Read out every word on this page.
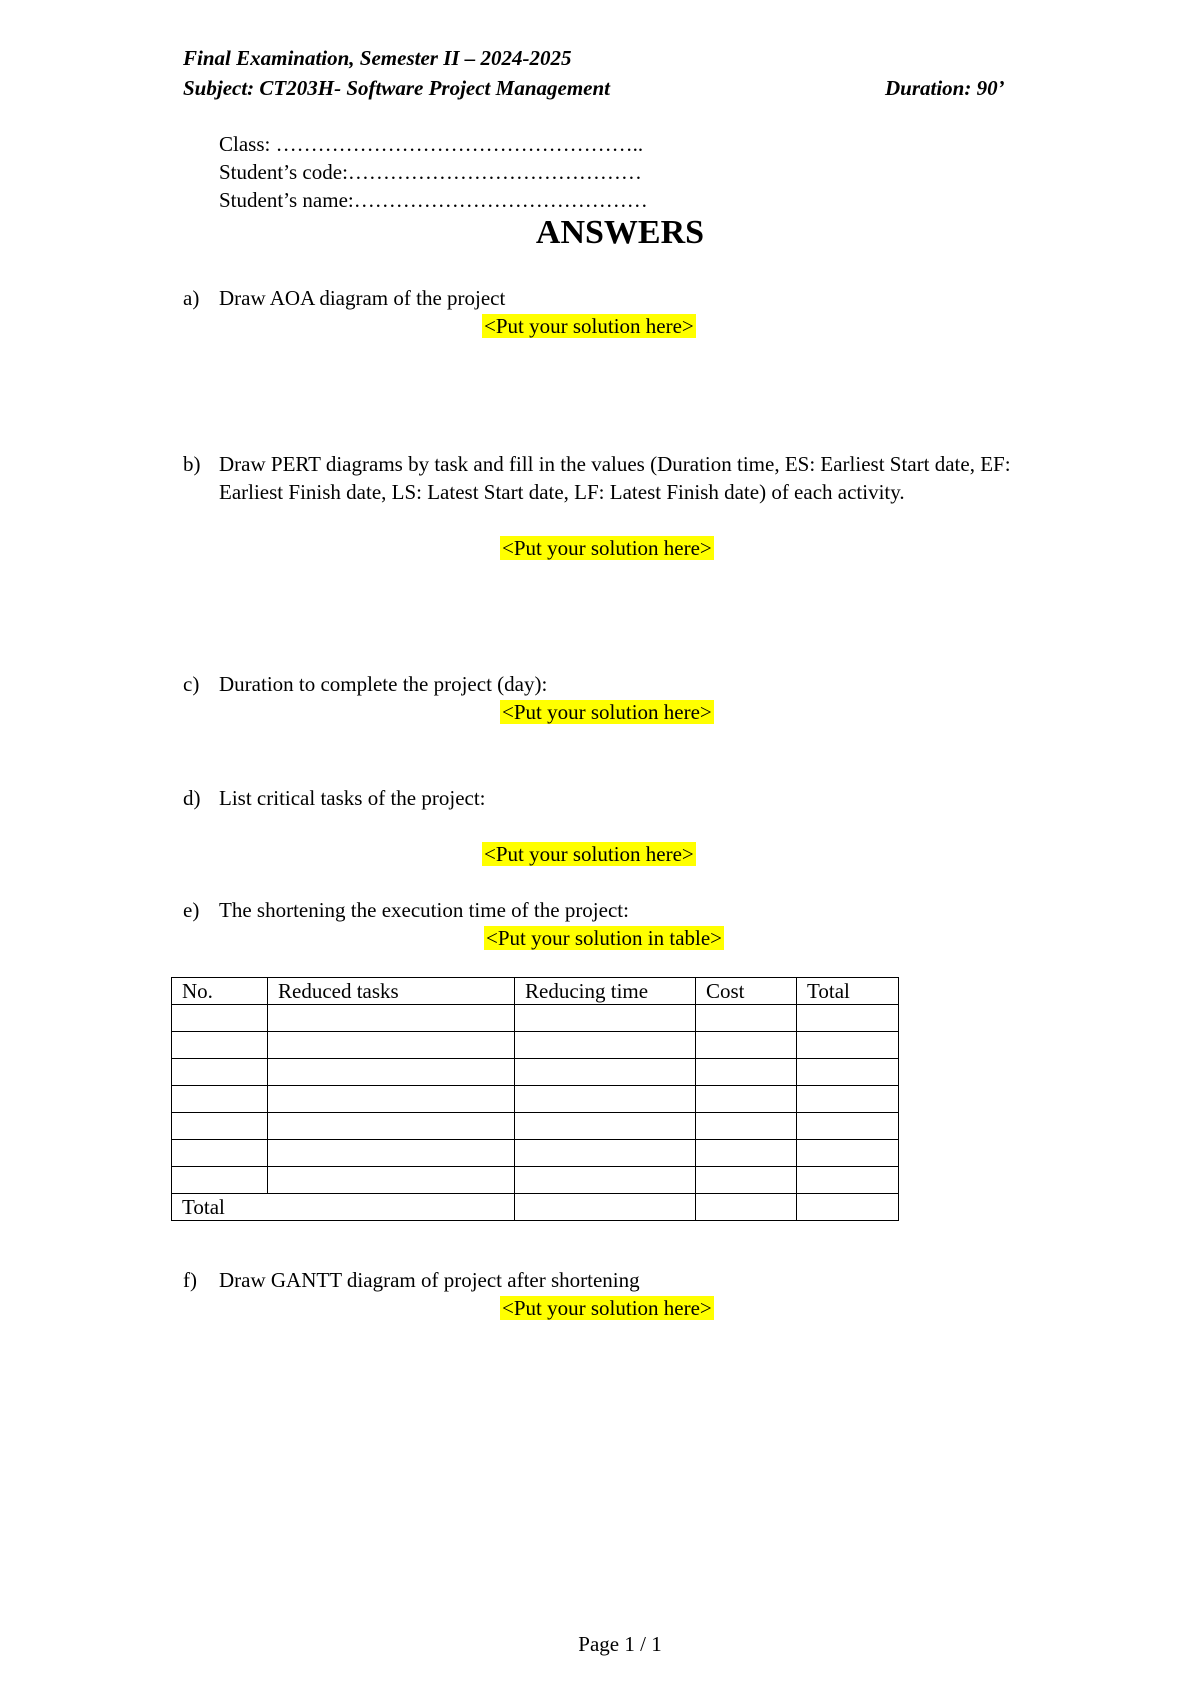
Final Examination, Semester II – 2024-2025
Subject: CT203H- Software Project Management	Duration: 90’
Class: ……………………………………………..
Student’s code:……………………………………
Student’s name:……………………………………
ANSWERS
a) Draw AOA diagram of the project
<Put your solution here>
b) Draw PERT diagrams by task and fill in the values (Duration time, ES: Earliest Start date, EF: Earliest Finish date, LS: Latest Start date, LF: Latest Finish date) of each activity.
<Put your solution here>
c) Duration to complete the project (day):
<Put your solution here>
d) List critical tasks of the project:
<Put your solution here>
e) The shortening the execution time of the project:
<Put your solution in table>
No.	Reduced tasks	Reducing time	Cost	Total

Total				
f) Draw GANTT diagram of project after shortening
<Put your solution here>
Page 1 / 1
